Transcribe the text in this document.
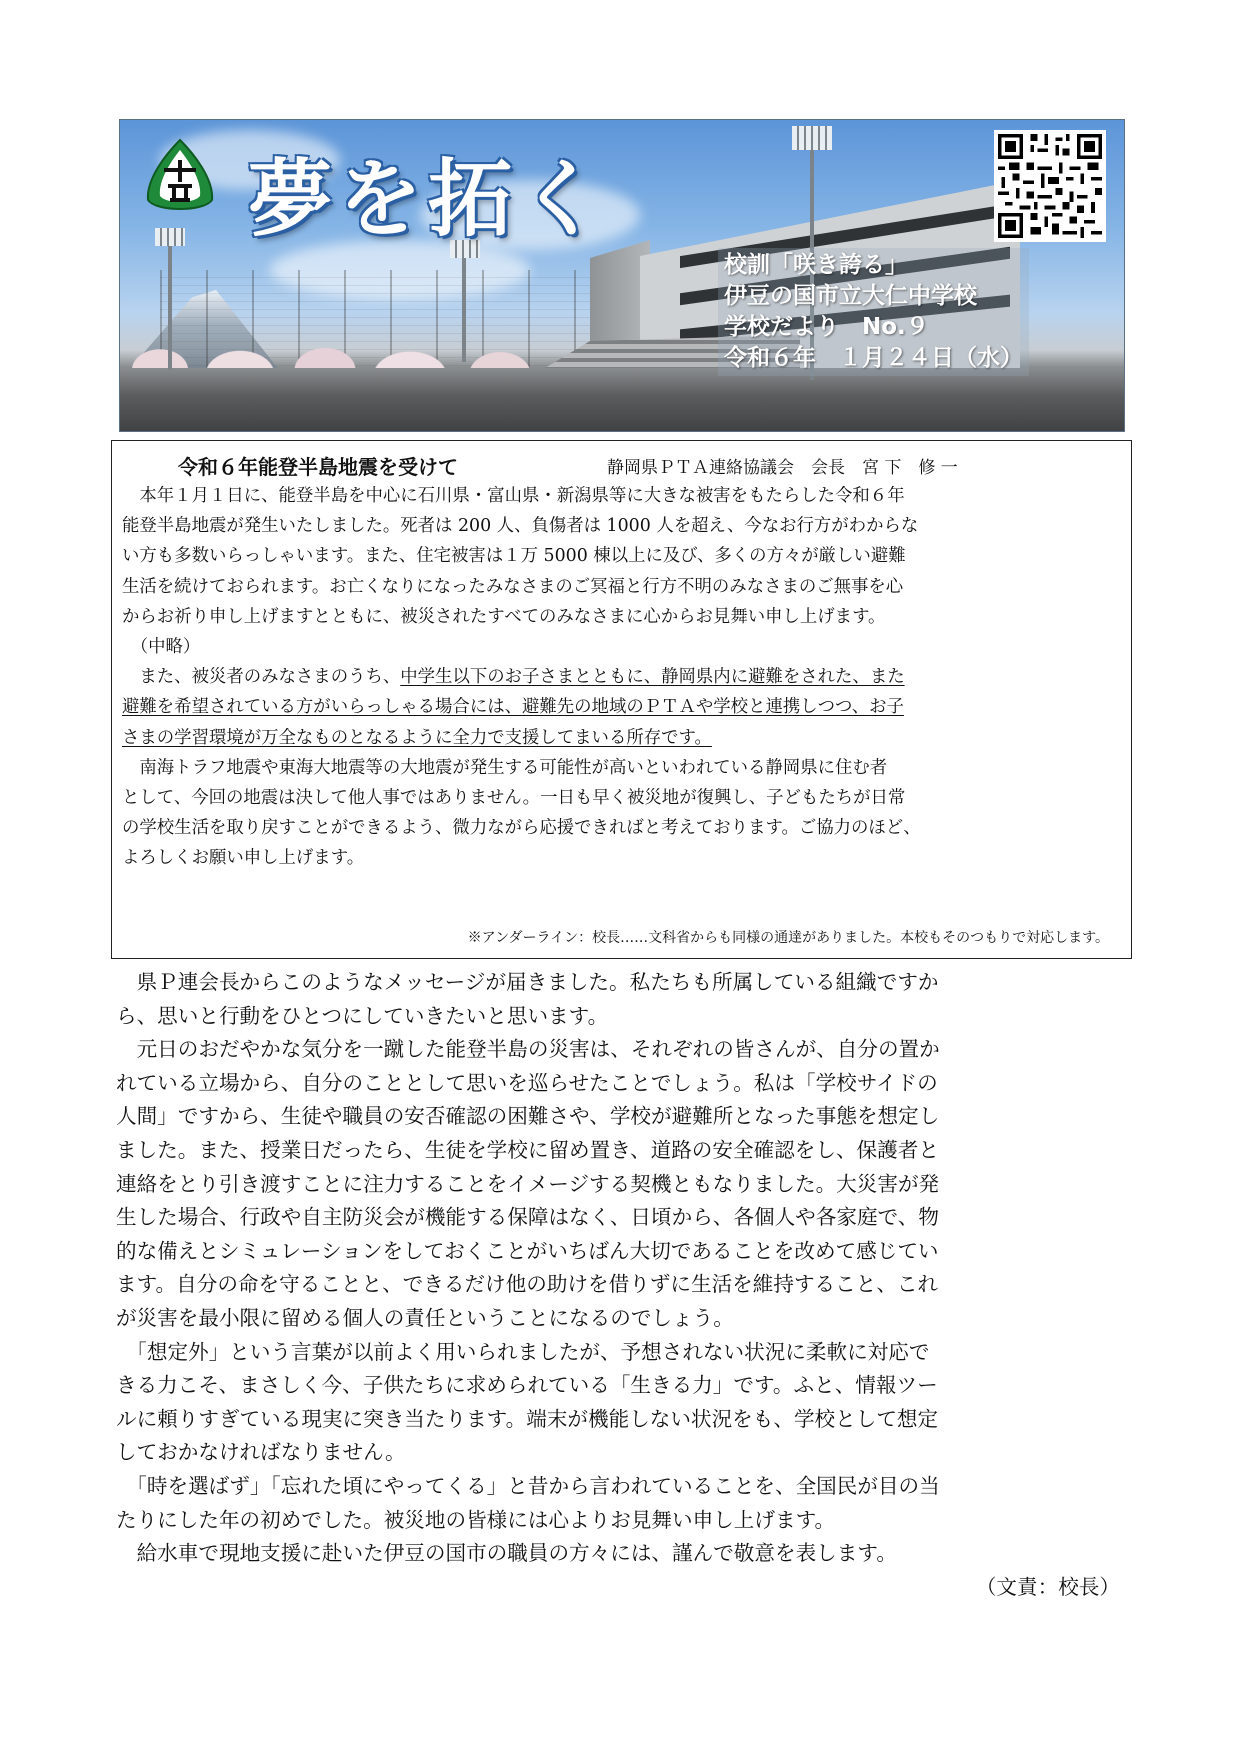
夢を拓く
校訓「咲き誇る」
伊豆の国市立大仁中学校
学校だより　No.９
令和６年　１月２４日（水）
令和６年能登半島地震を受けて	静岡県ＰＴＡ連絡協議会　会長　宮 下　修 一
　本年１月１日に、能登半島を中心に石川県・富山県・新潟県等に大きな被害をもたらした令和６年
能登半島地震が発生いたしました。死者は 200 人、負傷者は 1000 人を超え、今なお行方がわからな
い方も多数いらっしゃいます。また、住宅被害は１万 5000 棟以上に及び、多くの方々が厳しい避難
生活を続けておられます。お亡くなりになったみなさまのご冥福と行方不明のみなさまのご無事を心
からお祈り申し上げますとともに、被災されたすべてのみなさまに心からお見舞い申し上げます。
　（中略）
　また、被災者のみなさまのうち、中学生以下のお子さまとともに、静岡県内に避難をされた、また
避難を希望されている方がいらっしゃる場合には、避難先の地域のＰＴＡや学校と連携しつつ、お子
さまの学習環境が万全なものとなるように全力で支援してまいる所存です。
　南海トラフ地震や東海大地震等の大地震が発生する可能性が高いといわれている静岡県に住む者
として、今回の地震は決して他人事ではありません。一日も早く被災地が復興し、子どもたちが日常
の学校生活を取り戻すことができるよう、微力ながら応援できればと考えております。ご協力のほど、
よろしくお願い申し上げます。
※アンダーライン：校長……文科省からも同様の通達がありました。本校もそのつもりで対応します。
　県Ｐ連会長からこのようなメッセージが届きました。私たちも所属している組織ですか
ら、思いと行動をひとつにしていきたいと思います。
　元日のおだやかな気分を一蹴した能登半島の災害は、それぞれの皆さんが、自分の置か
れている立場から、自分のこととして思いを巡らせたことでしょう。私は「学校サイドの
人間」ですから、生徒や職員の安否確認の困難さや、学校が避難所となった事態を想定し
ました。また、授業日だったら、生徒を学校に留め置き、道路の安全確認をし、保護者と
連絡をとり引き渡すことに注力することをイメージする契機ともなりました。大災害が発
生した場合、行政や自主防災会が機能する保障はなく、日頃から、各個人や各家庭で、物
的な備えとシミュレーションをしておくことがいちばん大切であることを改めて感じてい
ます。自分の命を守ることと、できるだけ他の助けを借りずに生活を維持すること、これ
が災害を最小限に留める個人の責任ということになるのでしょう。
　「想定外」という言葉が以前よく用いられましたが、予想されない状況に柔軟に対応で
きる力こそ、まさしく今、子供たちに求められている「生きる力」です。ふと、情報ツー
ルに頼りすぎている現実に突き当たります。端末が機能しない状況をも、学校として想定
しておかなければなりません。
　「時を選ばず」「忘れた頃にやってくる」と昔から言われていることを、全国民が目の当
たりにした年の初めでした。被災地の皆様には心よりお見舞い申し上げます。
　給水車で現地支援に赴いた伊豆の国市の職員の方々には、謹んで敬意を表します。
（文責：校長）
